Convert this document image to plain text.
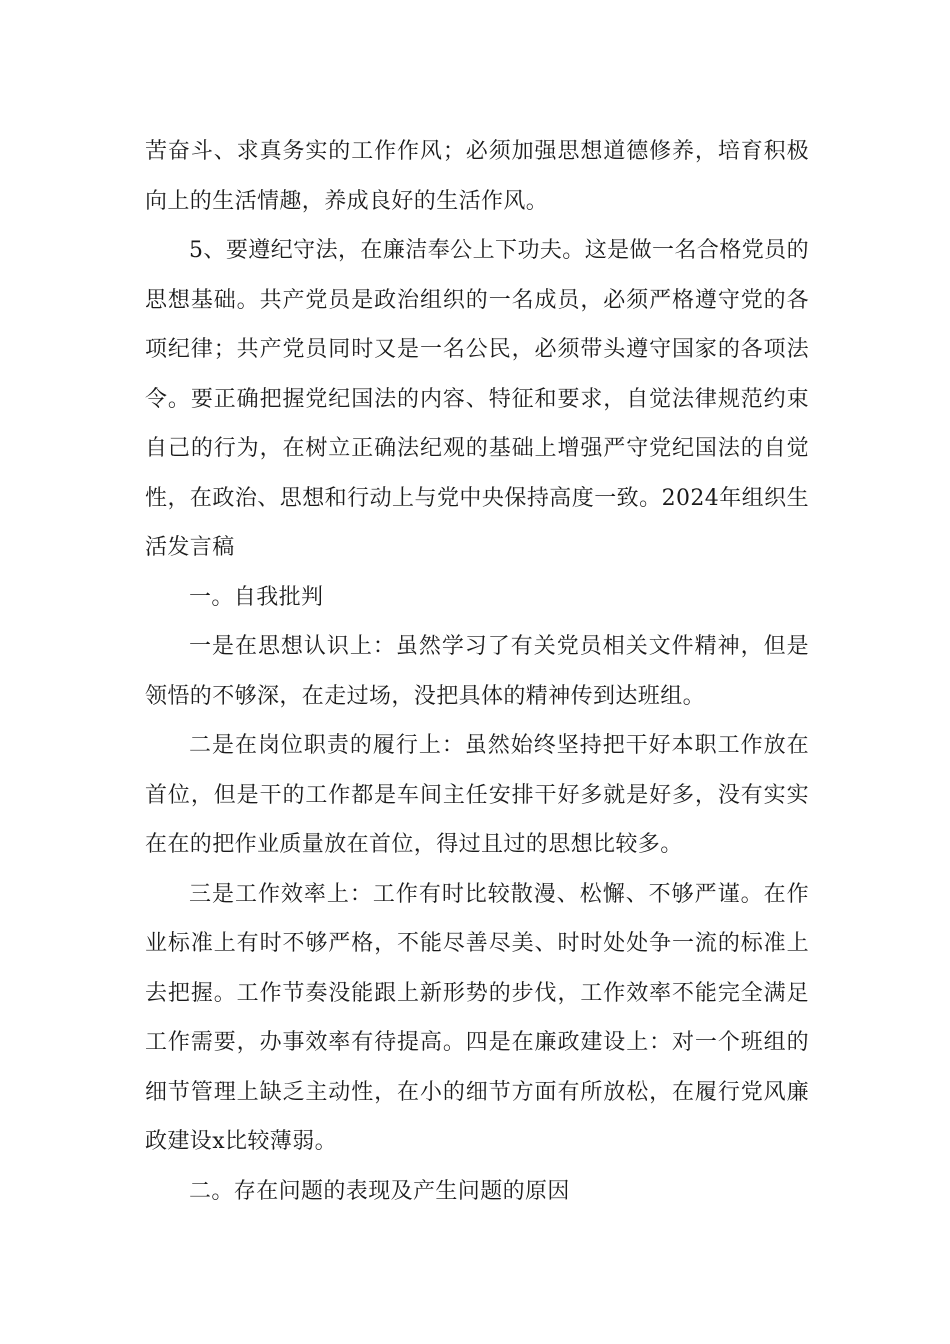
苦奋斗、求真务实的工作作风；必须加强思想道德修养，培育积极向上的生活情趣，养成良好的生活作风。

5、要遵纪守法，在廉洁奉公上下功夫。这是做一名合格党员的思想基础。共产党员是政治组织的一名成员，必须严格遵守党的各项纪律；共产党员同时又是一名公民，必须带头遵守国家的各项法令。要正确把握党纪国法的内容、特征和要求，自觉法律规范约束自己的行为，在树立正确法纪观的基础上增强严守党纪国法的自觉性，在政治、思想和行动上与党中央保持高度一致。2024年组织生活发言稿

一。自我批判

一是在思想认识上：虽然学习了有关党员相关文件精神，但是领悟的不够深，在走过场，没把具体的精神传到达班组。

二是在岗位职责的履行上：虽然始终坚持把干好本职工作放在首位，但是干的工作都是车间主任安排干好多就是好多，没有实实在在的把作业质量放在首位，得过且过的思想比较多。

三是工作效率上：工作有时比较散漫、松懈、不够严谨。在作业标准上有时不够严格，不能尽善尽美、时时处处争一流的标准上去把握。工作节奏没能跟上新形势的步伐，工作效率不能完全满足工作需要，办事效率有待提高。四是在廉政建设上：对一个班组的细节管理上缺乏主动性，在小的细节方面有所放松，在履行党风廉政建设x比较薄弱。

二。存在问题的表现及产生问题的原因
